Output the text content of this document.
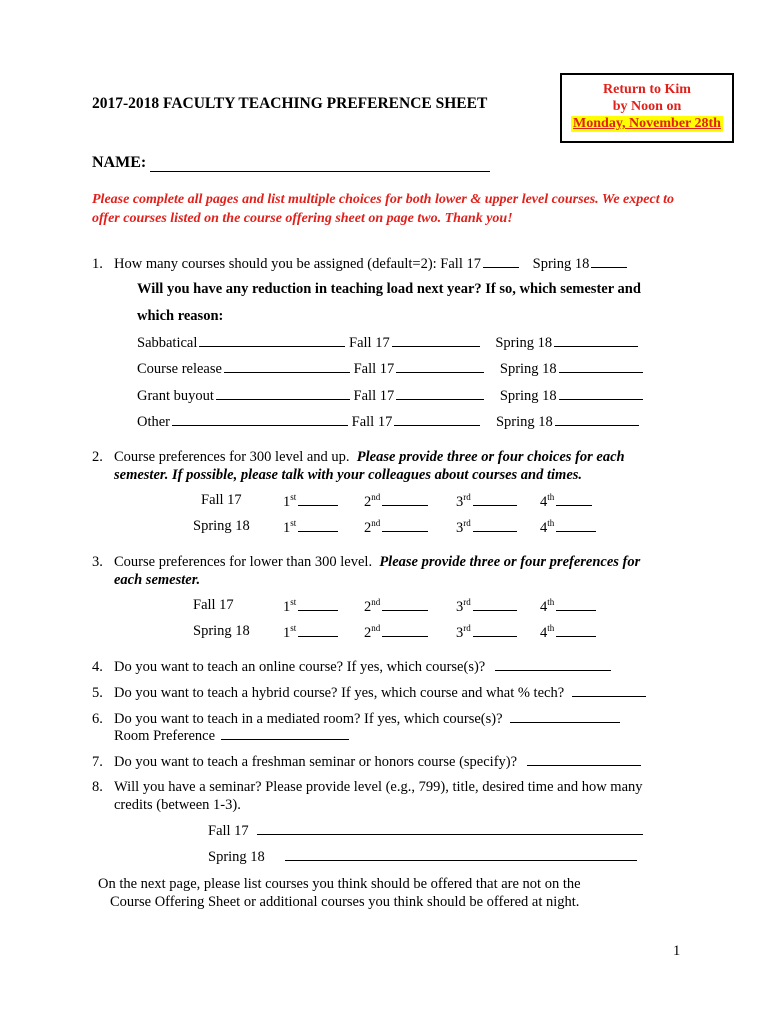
2017-2018 FACULTY TEACHING PREFERENCE SHEET
Return to Kim
by Noon on
Monday, November 28th
NAME:
Please complete all pages and list multiple choices for both lower & upper level courses. We expect to offer courses listed on the course offering sheet on page two. Thank you!
1. How many courses should you be assigned (default=2): Fall 17	Spring 18
Will you have any reduction in teaching load next year? If so, which semester and
which reason:
Sabbatical	Fall 17	Spring 18
Course release	Fall 17	Spring 18
Grant buyout	Fall 17	Spring 18
Other	Fall 17	Spring 18
2. Course preferences for 300 level and up. Please provide three or four choices for each
semester. If possible, please talk with your colleagues about courses and times.
Fall 17	1st	2nd	3rd	4th
Spring 18 1st	2nd	3rd	4th
3. Course preferences for lower than 300 level. Please provide three or four preferences for
each semester.
Fall 17	1st	2nd	3rd	4th
Spring 18 1st	2nd	3rd	4th
4. Do you want to teach an online course? If yes, which course(s)?
5. Do you want to teach a hybrid course? If yes, which course and what % tech?
6. Do you want to teach in a mediated room? If yes, which course(s)?
Room Preference
7. Do you want to teach a freshman seminar or honors course (specify)?
8. Will you have a seminar? Please provide level (e.g., 799), title, desired time and how many
credits (between 1-3).
Fall 17
Spring 18
On the next page, please list courses you think should be offered that are not on the
Course Offering Sheet or additional courses you think should be offered at night.
1
